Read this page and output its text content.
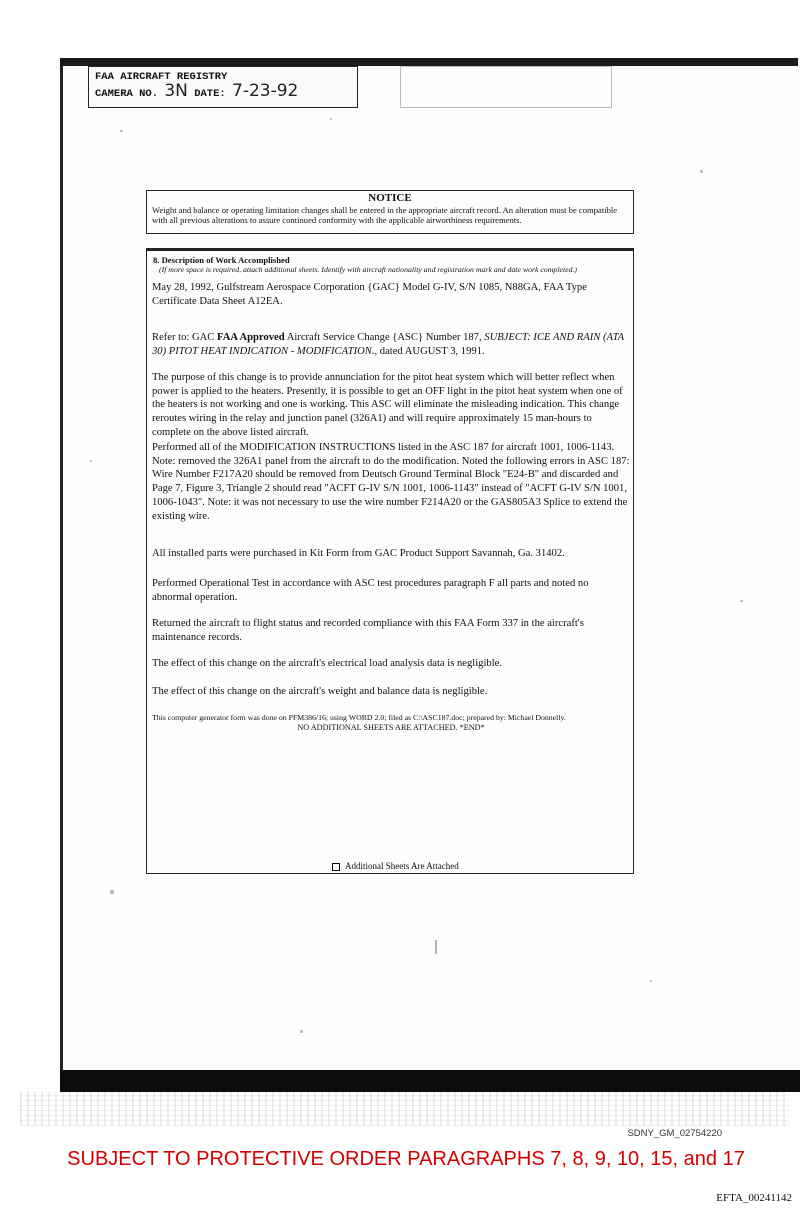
FAA AIRCRAFT REGISTRY
CAMERA NO. 3N DATE: 7-23-92
NOTICE
Weight and balance or operating limitation changes shall be entered in the appropriate aircraft record. An alteration must be compatible with all previous alterations to assure continued conformity with the applicable airworthiness requirements.
8. Description of Work Accomplished
(If more space is required, attach additional sheets. Identify with aircraft nationality and registration mark and date work completed.)

May 28, 1992, Gulfstream Aerospace Corporation {GAC} Model G-IV, S/N 1085, N88GA, FAA Type Certificate Data Sheet A12EA.

Refer to: GAC FAA Approved Aircraft Service Change {ASC} Number 187, SUBJECT: ICE AND RAIN (ATA 30) PITOT HEAT INDICATION - MODIFICATION., dated AUGUST 3, 1991.

The purpose of this change is to provide annunciation for the pitot heat system which will better reflect when power is applied to the heaters. Presently, it is possible to get an OFF light in the pitot heat system when one of the heaters is not working and one is working. This ASC will eliminate the misleading indication. This change reroutes wiring in the relay and junction panel (326A1) and will require approximately 15 man-hours to complete on the above listed aircraft.

Performed all of the MODIFICATION INSTRUCTIONS listed in the ASC 187 for aircraft 1001, 1006-1143. Note: removed the 326A1 panel from the aircraft to do the modification. Noted the following errors in ASC 187: Wire Number F217A20 should be removed from Deutsch Ground Terminal Block "E24-B" and discarded and Page 7, Figure 3, Triangle 2 should read "ACFT G-IV S/N 1001, 1006-1143" instead of "ACFT G-IV S/N 1001, 1006-1043". Note: it was not necessary to use the wire number F214A20 or the GAS805A3 Splice to extend the existing wire.

All installed parts were purchased in Kit Form from GAC Product Support Savannah, Ga. 31402.

Performed Operational Test in accordance with ASC test procedures paragraph F all parts and noted no abnormal operation.

Returned the aircraft to flight status and recorded compliance with this FAA Form 337 in the aircraft's maintenance records.

The effect of this change on the aircraft's electrical load analysis data is negligible.

The effect of this change on the aircraft's weight and balance data is negligible.

This computer generator form was done on PFM386/16; using WORD 2.0; filed as C:\ASC187.doc; prepared by: Michael Donnelly.
NO ADDITIONAL SHEETS ARE ATTACHED. *END*
Additional Sheets Are Attached
SDNY_GM_02754220
SUBJECT TO PROTECTIVE ORDER PARAGRAPHS 7, 8, 9, 10, 15, and 17
EFTA_00241142
